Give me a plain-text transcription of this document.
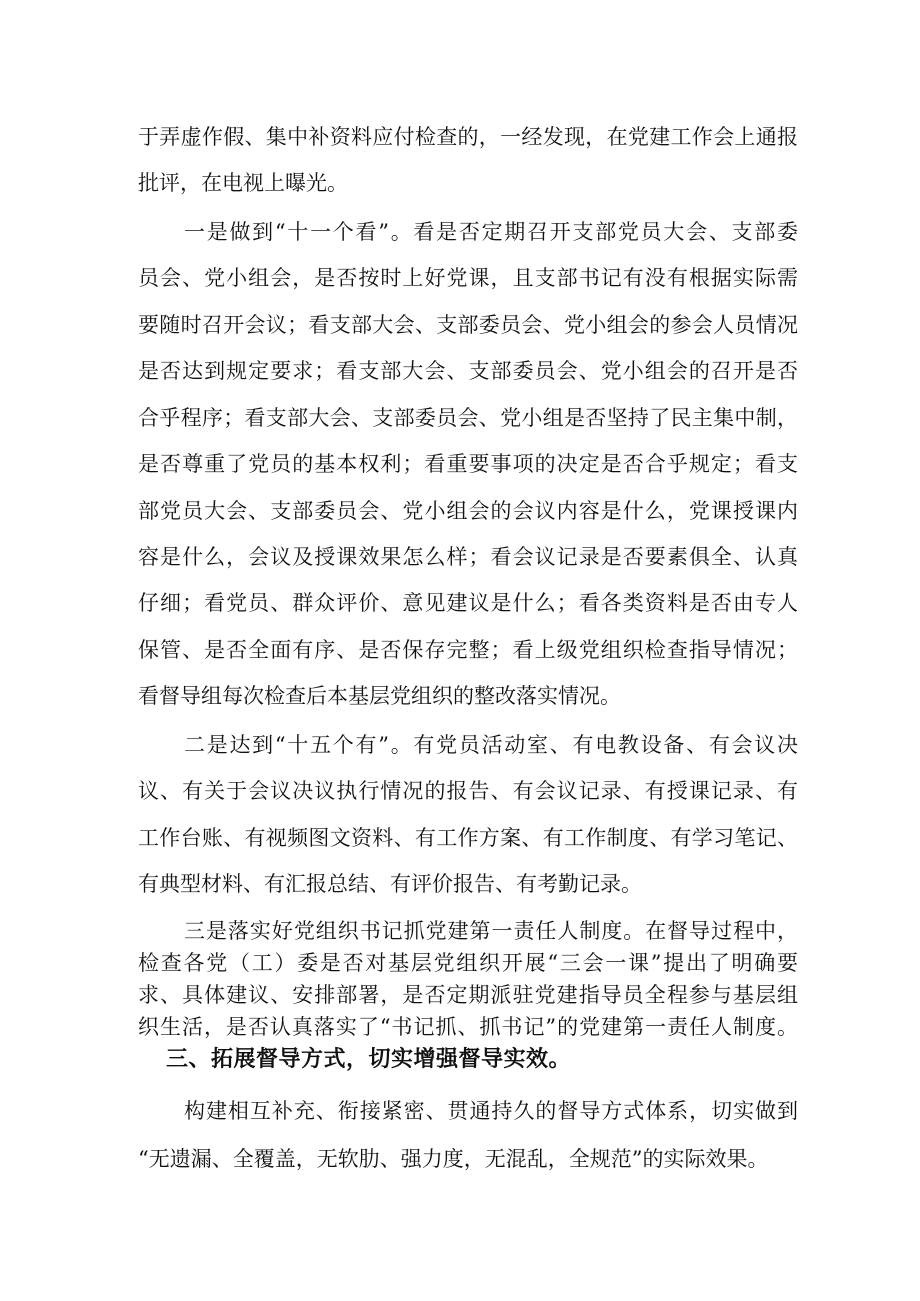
于弄虚作假、集中补资料应付检查的，一经发现，在党建工作会上通报
批评，在电视上曝光。
一是做到“十一个看”。看是否定期召开支部党员大会、支部委
员会、党小组会，是否按时上好党课，且支部书记有没有根据实际需
要随时召开会议；看支部大会、支部委员会、党小组会的参会人员情况
是否达到规定要求；看支部大会、支部委员会、党小组会的召开是否
合乎程序；看支部大会、支部委员会、党小组是否坚持了民主集中制，
是否尊重了党员的基本权利；看重要事项的决定是否合乎规定；看支
部党员大会、支部委员会、党小组会的会议内容是什么，党课授课内
容是什么，会议及授课效果怎么样；看会议记录是否要素俱全、认真
仔细；看党员、群众评价、意见建议是什么；看各类资料是否由专人
保管、是否全面有序、是否保存完整；看上级党组织检查指导情况；
看督导组每次检查后本基层党组织的整改落实情况。
二是达到“十五个有”。有党员活动室、有电教设备、有会议决
议、有关于会议决议执行情况的报告、有会议记录、有授课记录、有
工作台账、有视频图文资料、有工作方案、有工作制度、有学习笔记、
有典型材料、有汇报总结、有评价报告、有考勤记录。
三是落实好党组织书记抓党建第一责任人制度。在督导过程中，
检查各党（工）委是否对基层党组织开展“三会一课”提出了明确要
求、具体建议、安排部署，是否定期派驻党建指导员全程参与基层组
织生活，是否认真落实了“书记抓、抓书记”的党建第一责任人制度。
三、拓展督导方式，切实增强督导实效。
构建相互补充、衔接紧密、贯通持久的督导方式体系，切实做到
“无遗漏、全覆盖，无软肋、强力度，无混乱，全规范”的实际效果。
